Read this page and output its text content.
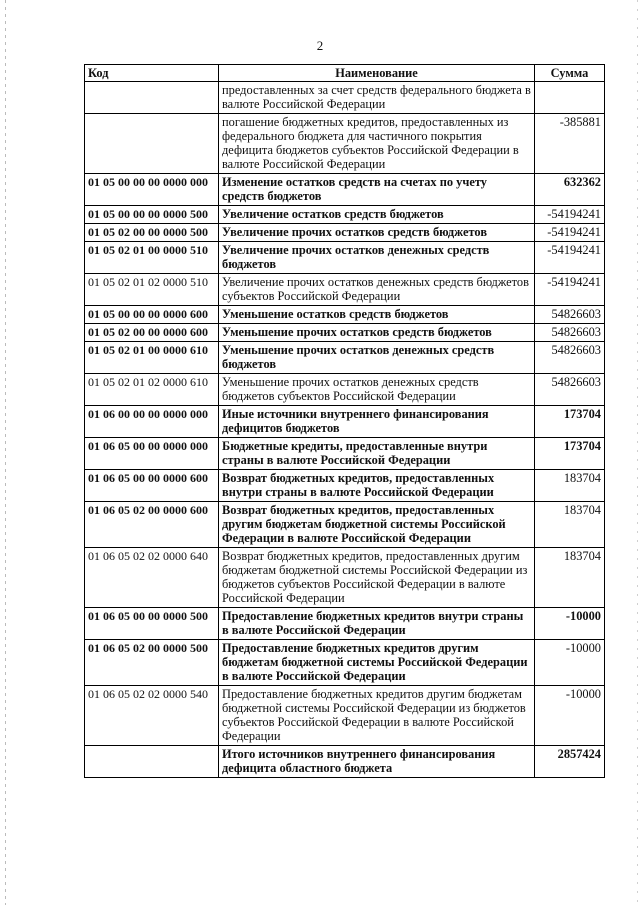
2
Код	Наименование	Сумма
	предоставленных за счет средств федерального бюджета в валюте Российской Федерации	
	погашение бюджетных кредитов, предоставленных из федерального бюджета для частичного покрытия дефицита бюджетов субъектов Российской Федерации в валюте Российской Федерации	-385881
01 05 00 00 00 0000 000	Изменение остатков средств на счетах по учету средств бюджетов	632362
01 05 00 00 00 0000 500	Увеличение остатков средств бюджетов	-54194241
01 05 02 00 00 0000 500	Увеличение прочих остатков средств бюджетов	-54194241
01 05 02 01 00 0000 510	Увеличение прочих остатков денежных средств бюджетов	-54194241
01 05 02 01 02 0000 510	Увеличение прочих остатков денежных средств бюджетов субъектов Российской Федерации	-54194241
01 05 00 00 00 0000 600	Уменьшение остатков средств бюджетов	54826603
01 05 02 00 00 0000 600	Уменьшение прочих остатков средств бюджетов	54826603
01 05 02 01 00 0000 610	Уменьшение прочих остатков денежных средств бюджетов	54826603
01 05 02 01 02 0000 610	Уменьшение прочих остатков денежных средств бюджетов субъектов Российской Федерации	54826603
01 06 00 00 00 0000 000	Иные источники внутреннего финансирования дефицитов бюджетов	173704
01 06 05 00 00 0000 000	Бюджетные кредиты, предоставленные внутри страны в валюте Российской Федерации	173704
01 06 05 00 00 0000 600	Возврат бюджетных кредитов, предоставленных внутри страны в валюте Российской Федерации	183704
01 06 05 02 00 0000 600	Возврат бюджетных кредитов, предоставленных другим бюджетам бюджетной системы Российской Федерации в валюте Российской Федерации	183704
01 06 05 02 02 0000 640	Возврат бюджетных кредитов, предоставленных другим бюджетам бюджетной системы Российской Федерации из бюджетов субъектов Российской Федерации в валюте Российской Федерации	183704
01 06 05 00 00 0000 500	Предоставление бюджетных кредитов внутри страны в валюте Российской Федерации	-10000
01 06 05 02 00 0000 500	Предоставление бюджетных кредитов другим бюджетам бюджетной системы Российской Федерации в валюте Российской Федерации	-10000
01 06 05 02 02 0000 540	Предоставление бюджетных кредитов другим бюджетам бюджетной системы Российской Федерации из бюджетов субъектов Российской Федерации в валюте Российской Федерации	-10000
	Итого источников внутреннего финансирования дефицита областного бюджета	2857424
